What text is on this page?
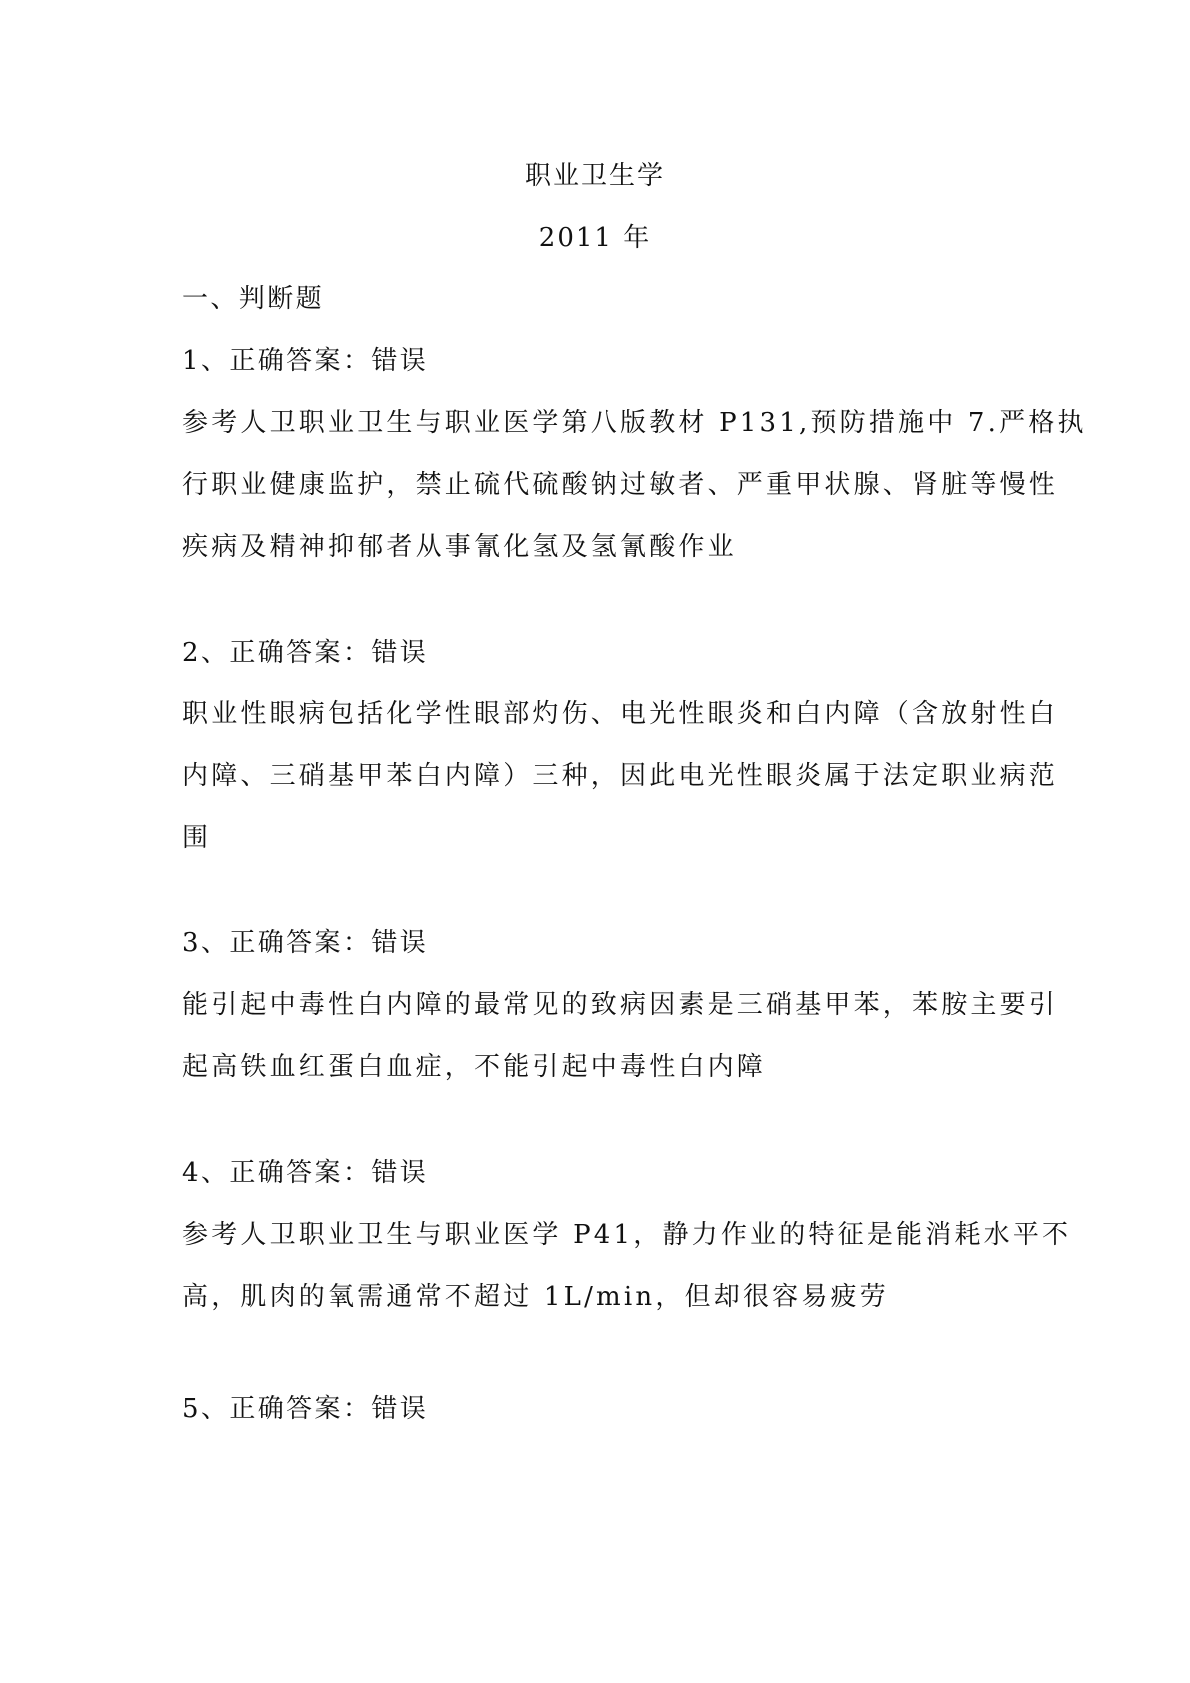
职业卫生学
2011 年
一、判断题
1、正确答案：错误
参考人卫职业卫生与职业医学第八版教材 P131,预防措施中 7.严格执
行职业健康监护，禁止硫代硫酸钠过敏者、严重甲状腺、肾脏等慢性
疾病及精神抑郁者从事氰化氢及氢氰酸作业
2、正确答案：错误
职业性眼病包括化学性眼部灼伤、电光性眼炎和白内障（含放射性白
内障、三硝基甲苯白内障）三种，因此电光性眼炎属于法定职业病范
围
3、正确答案：错误
能引起中毒性白内障的最常见的致病因素是三硝基甲苯，苯胺主要引
起高铁血红蛋白血症，不能引起中毒性白内障
4、正确答案：错误
参考人卫职业卫生与职业医学 P41，静力作业的特征是能消耗水平不
高，肌肉的氧需通常不超过 1L/min，但却很容易疲劳
5、正确答案：错误
